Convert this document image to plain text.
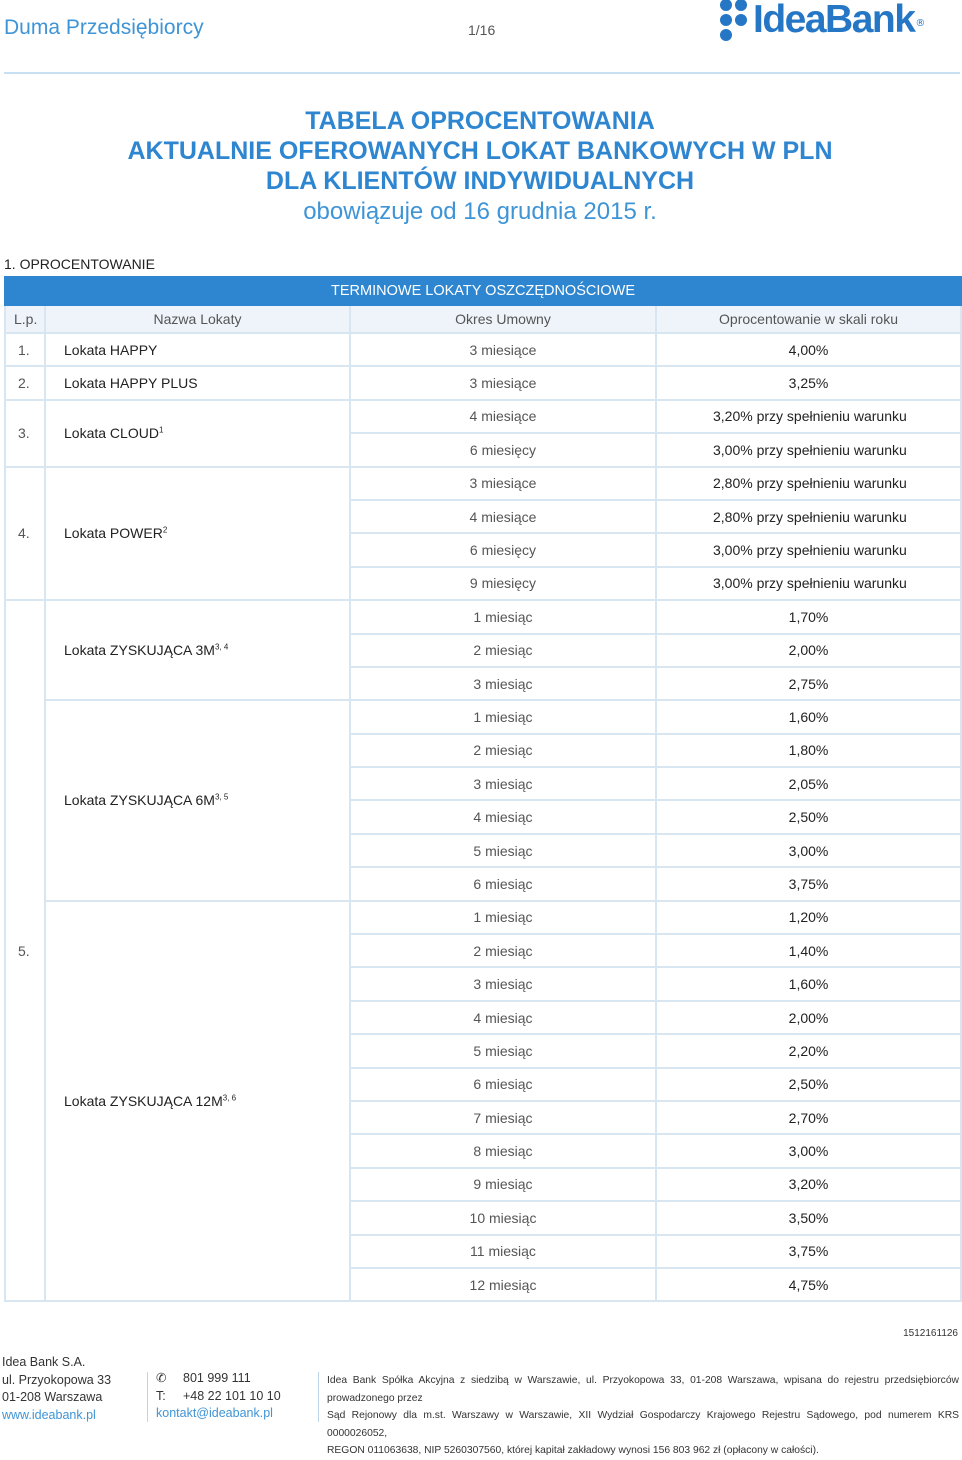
Duma Przedsiębiorcy	1/16	IdeaBank ®
TABELA OPROCENTOWANIA
AKTUALNIE OFEROWANYCH LOKAT BANKOWYCH W PLN
DLA KLIENTÓW INDYWIDUALNYCH
obowiązuje od 16 grudnia 2015 r.
1. OPROCENTOWANIE
TERMINOWE LOKATY OSZCZĘDNOŚCIOWE			
L.p.	Nazwa Lokaty	Okres Umowny	Oprocentowanie w skali roku
1.	Lokata HAPPY	3 miesiące	4,00%
2.	Lokata HAPPY PLUS	3 miesiące	3,25%
3.	Lokata CLOUD$^1$	4 miesiące	3,20% przy spełnieniu warunku
		6 miesięcy	3,00% przy spełnieniu warunku
4.	Lokata POWER$^2$	3 miesiące	2,80% przy spełnieniu warunku
		4 miesiące	2,80% przy spełnieniu warunku
		6 miesięcy	3,00% przy spełnieniu warunku
		9 miesięcy	3,00% przy spełnieniu warunku
5.	Lokata ZYSKUJĄCA $3M^{3, 4}$	1 miesiąc	1,70%
		2 miesiąc	2,00%
		3 miesiąc	2,75%
	Lokata ZYSKUJĄCA $6M^{3, 5}$	1 miesiąc	1,60%
		2 miesiąc	1,80%
		3 miesiąc	2,05%
		4 miesiąc	2,50%
		5 miesiąc	3,00%
		6 miesiąc	3,75%
	Lokata ZYSKUJĄCA $12M^{3, 6}$	1 miesiąc	1,20%
		2 miesiąc	1,40%
		3 miesiąc	1,60%
		4 miesiąc	2,00%
		5 miesiąc	2,20%
		6 miesiąc	2,50%
		7 miesiąc	2,70%
		8 miesiąc	3,00%
		9 miesiąc	3,20%
		10 miesiąc	3,50%
		11 miesiąc	3,75%
		12 miesiąc	4,75%
1512161126
Idea Bank S.A.
ul. Przyokopowa 33
01-208 Warszawa
www.ideabank.pl
✆	801 999 111
T:	+48 22 101 10 10
kontakt@ideabank.pl
Idea Bank Spółka Akcyjna z siedzibą w Warszawie, ul. Przyokopowa 33, 01-208 Warszawa, wpisana do rejestru przedsiębiorców prowadzonego przez
Sąd Rejonowy dla m.st. Warszawy w Warszawie, XII Wydział Gospodarczy Krajowego Rejestru Sądowego, pod numerem KRS 0000026052,
REGON 011063638, NIP 5260307560, której kapitał zakładowy wynosi 156 803 962 zł (opłacony w całości).
